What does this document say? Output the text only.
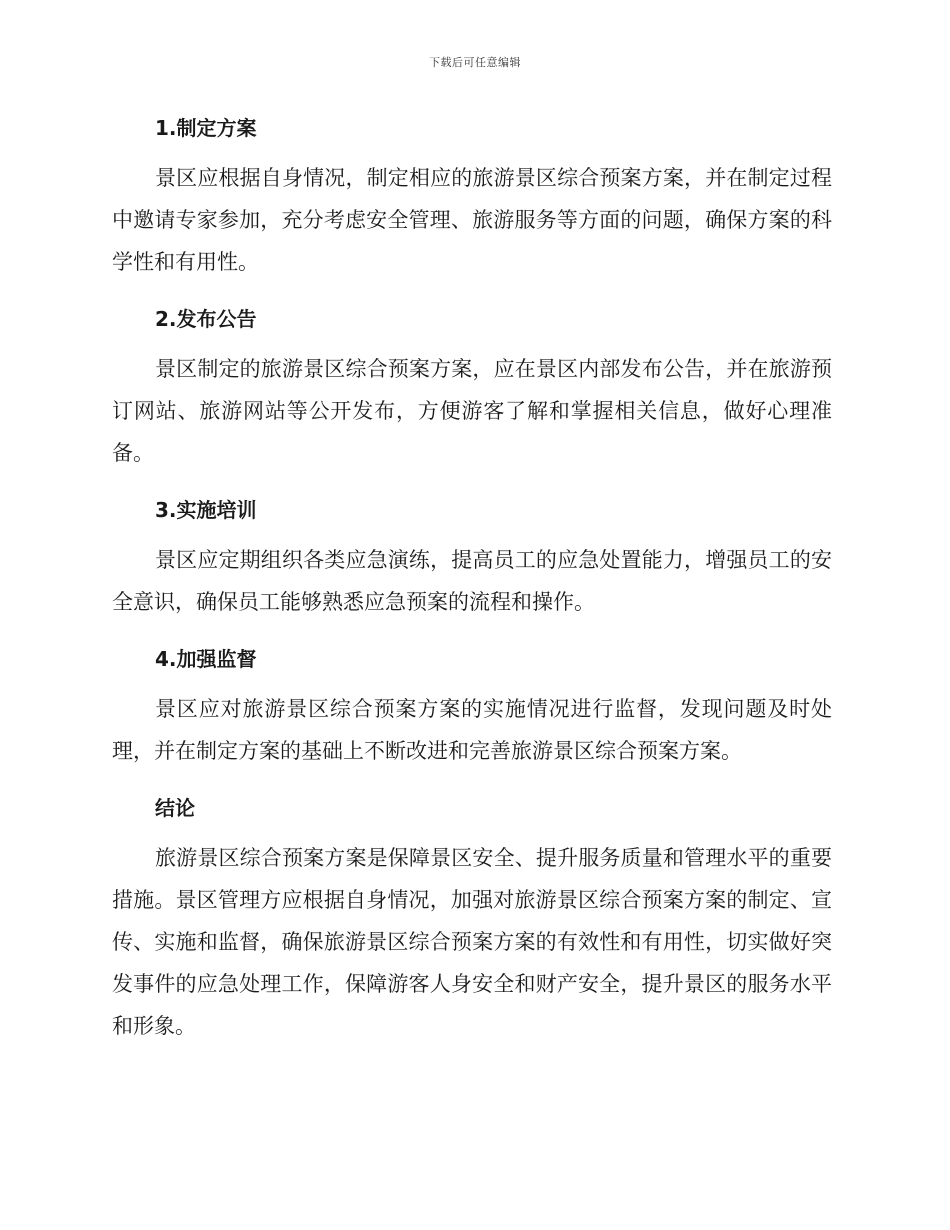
下载后可任意编辑
1.制定方案

景区应根据自身情况，制定相应的旅游景区综合预案方案，并在制定过程中邀请专家参加，充分考虑安全管理、旅游服务等方面的问题，确保方案的科学性和有用性。

2.发布公告

景区制定的旅游景区综合预案方案，应在景区内部发布公告，并在旅游预订网站、旅游网站等公开发布，方便游客了解和掌握相关信息，做好心理准备。

3.实施培训

景区应定期组织各类应急演练，提高员工的应急处置能力，增强员工的安全意识，确保员工能够熟悉应急预案的流程和操作。

4.加强监督

景区应对旅游景区综合预案方案的实施情况进行监督，发现问题及时处理，并在制定方案的基础上不断改进和完善旅游景区综合预案方案。

结论

旅游景区综合预案方案是保障景区安全、提升服务质量和管理水平的重要措施。景区管理方应根据自身情况，加强对旅游景区综合预案方案的制定、宣传、实施和监督，确保旅游景区综合预案方案的有效性和有用性，切实做好突发事件的应急处理工作，保障游客人身安全和财产安全，提升景区的服务水平和形象。
